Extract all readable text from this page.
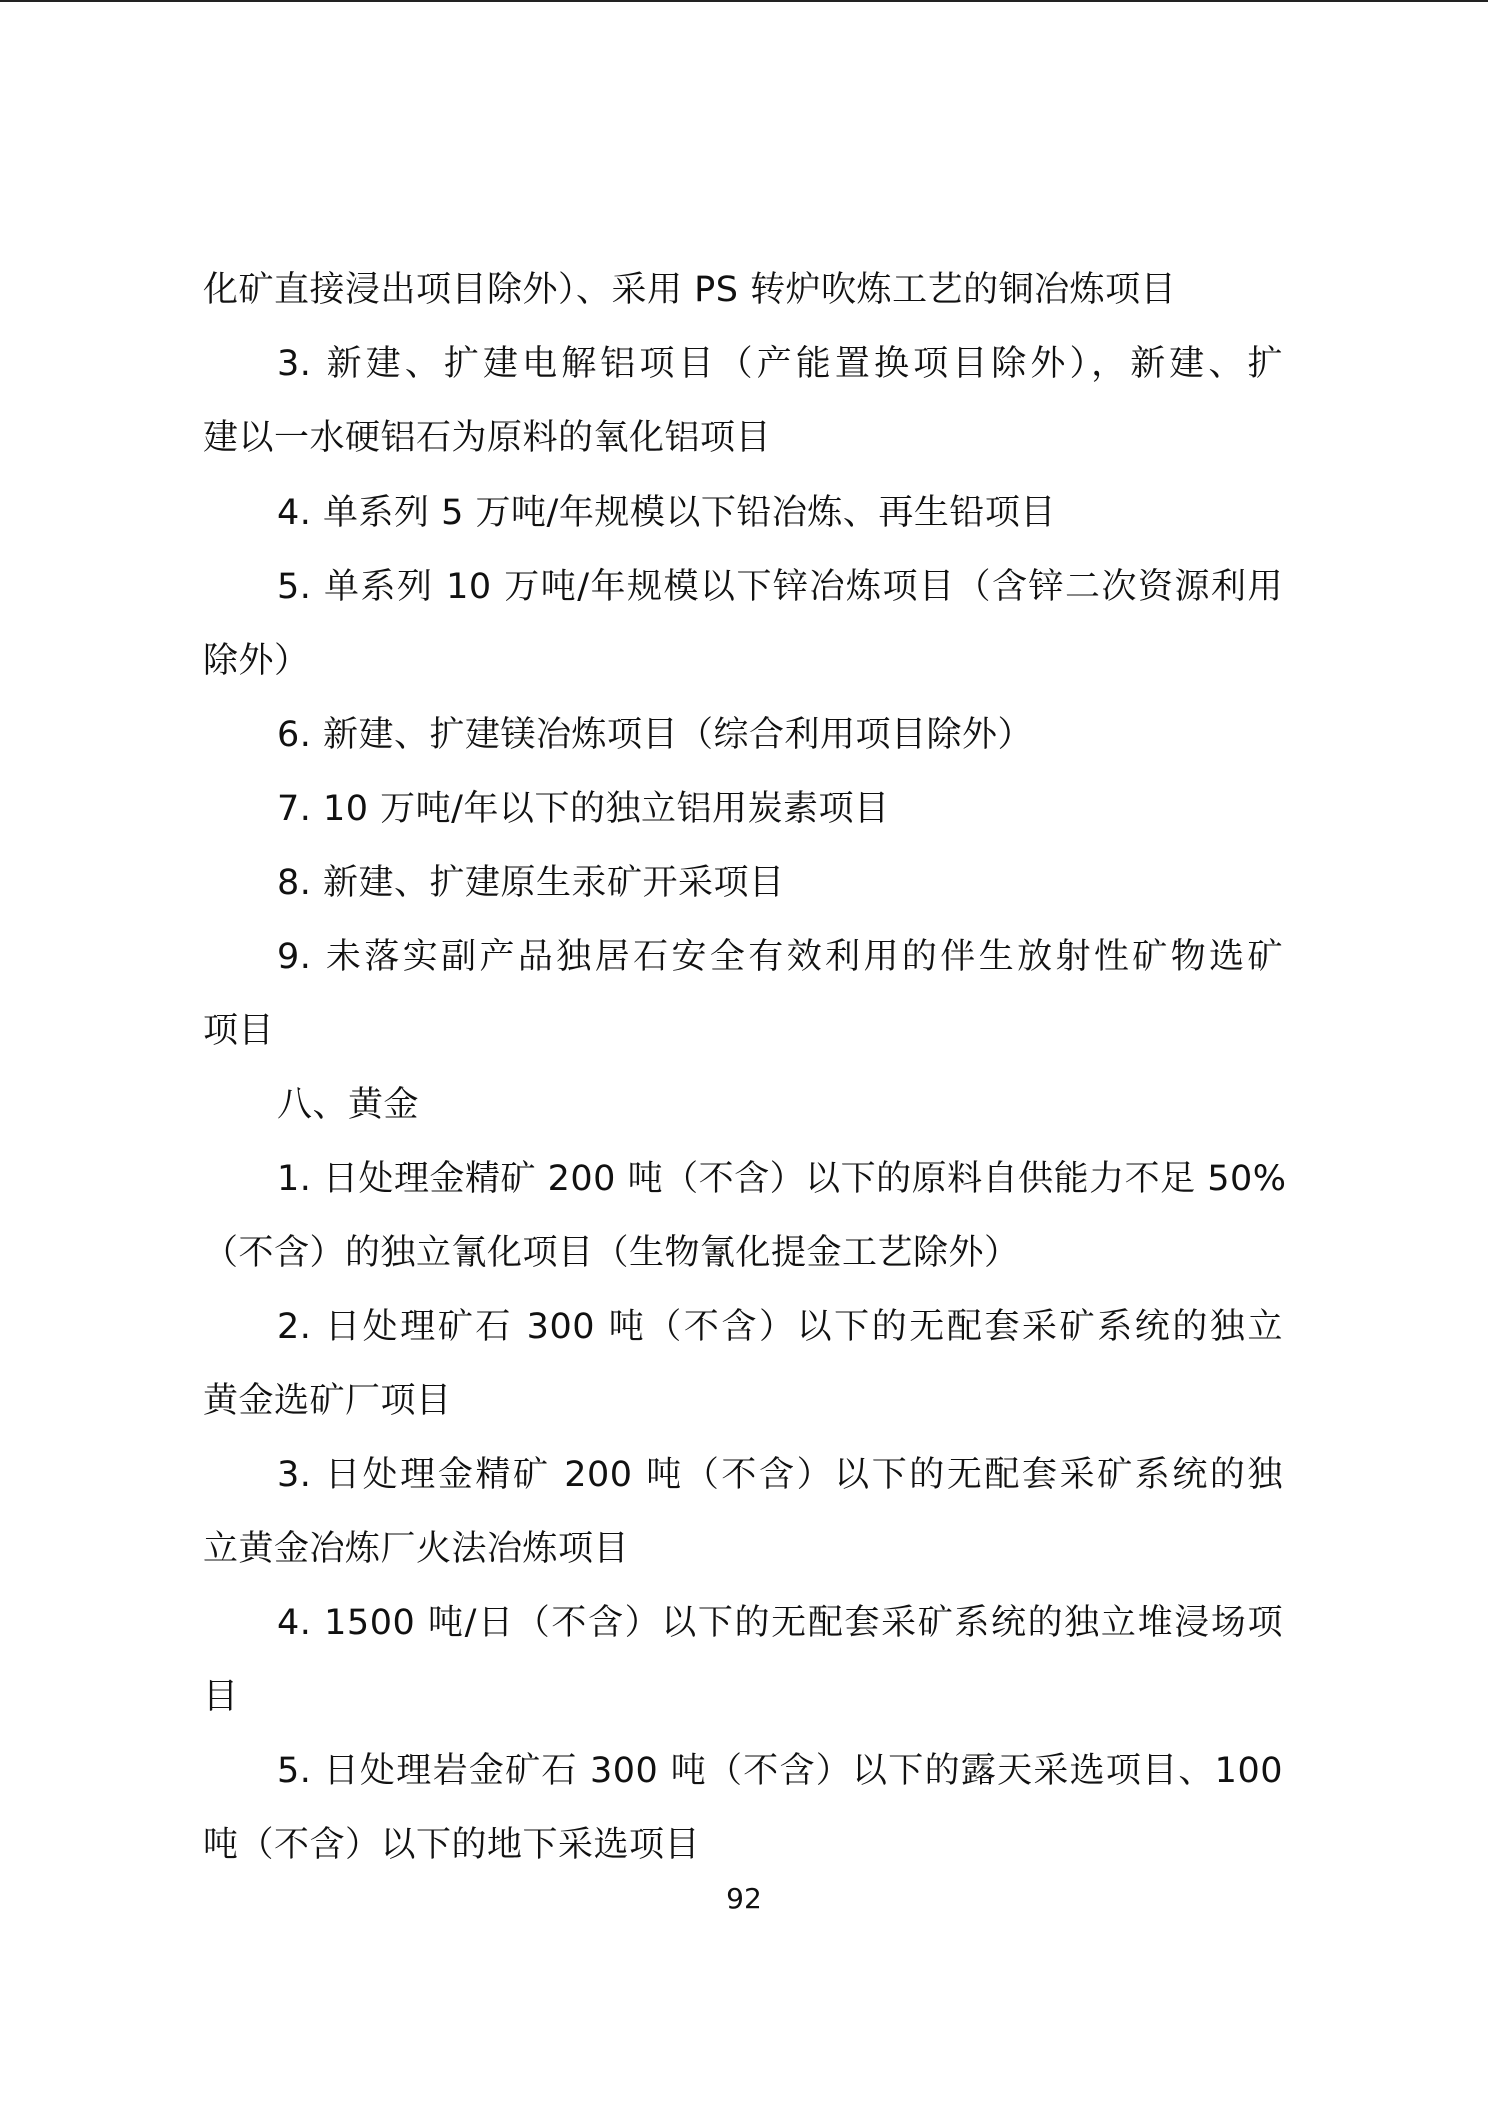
化矿直接浸出项目除外）、采用 PS 转炉吹炼工艺的铜冶炼项目
3. 新建、扩建电解铝项目（产能置换项目除外），新建、扩
建以一水硬铝石为原料的氧化铝项目
4. 单系列 5 万吨/年规模以下铅冶炼、再生铅项目
5. 单系列 10 万吨/年规模以下锌冶炼项目（含锌二次资源利用
除外）
6. 新建、扩建镁冶炼项目（综合利用项目除外）
7. 10 万吨/年以下的独立铝用炭素项目
8. 新建、扩建原生汞矿开采项目
9. 未落实副产品独居石安全有效利用的伴生放射性矿物选矿
项目
八、黄金
1. 日处理金精矿 200 吨（不含）以下的原料自供能力不足 50%
（不含）的独立氰化项目（生物氰化提金工艺除外）
2. 日处理矿石 300 吨（不含）以下的无配套采矿系统的独立
黄金选矿厂项目
3. 日处理金精矿 200 吨（不含）以下的无配套采矿系统的独
立黄金冶炼厂火法冶炼项目
4. 1500 吨/日（不含）以下的无配套采矿系统的独立堆浸场项
目
5. 日处理岩金矿石 300 吨（不含）以下的露天采选项目、100
吨（不含）以下的地下采选项目
92
